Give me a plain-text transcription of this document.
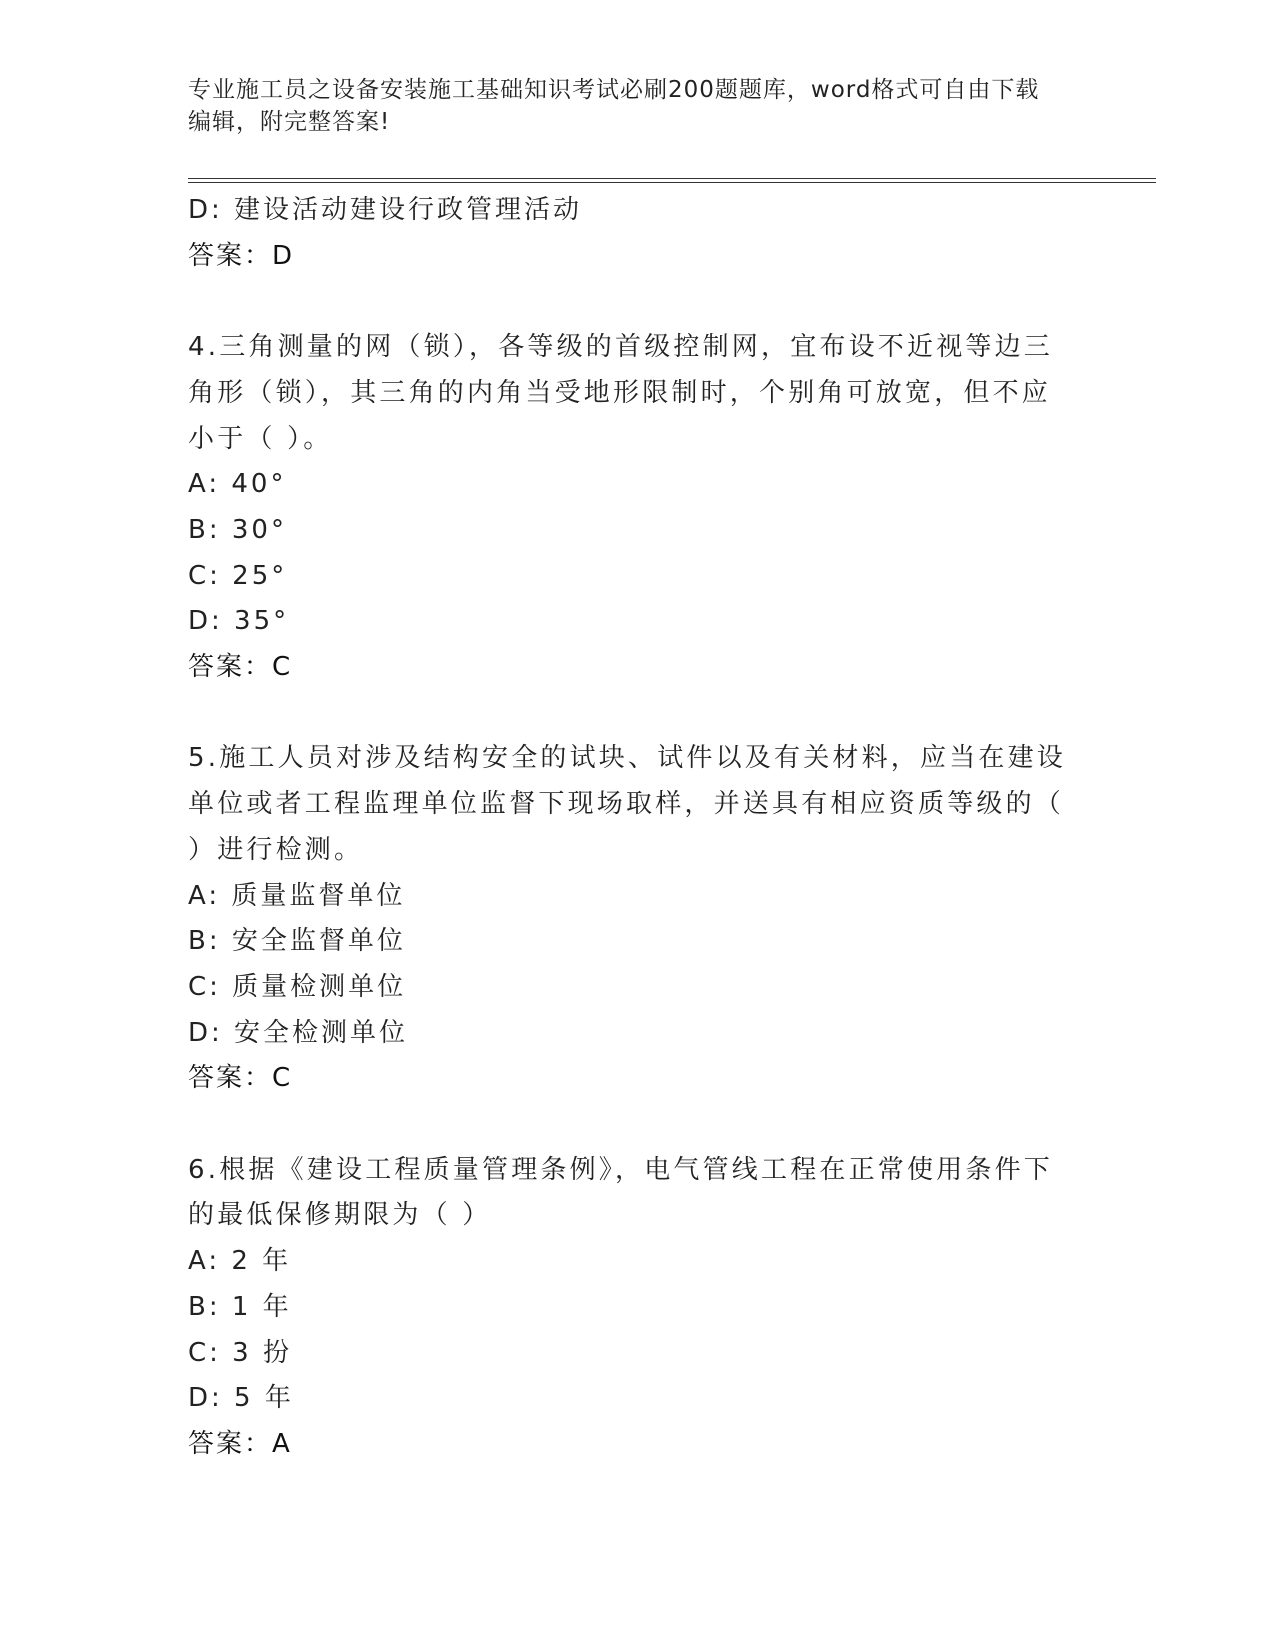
专业施工员之设备安装施工基础知识考试必刷200题题库，word格式可自由下载
编辑，附完整答案!
D: 建设活动建设行政管理活动
答案：D
4.三角测量的网（锁），各等级的首级控制网，宜布设不近视等边三
角形（锁），其三角的内角当受地形限制时，个别角可放宽，但不应
小于（ ）。
A: 40°
B: 30°
C: 25°
D: 35°
答案：C
5.施工人员对涉及结构安全的试块、试件以及有关材料，应当在建设
单位或者工程监理单位监督下现场取样，并送具有相应资质等级的（
）进行检测。
A: 质量监督单位
B: 安全监督单位
C: 质量检测单位
D: 安全检测单位
答案：C
6.根据《建设工程质量管理条例》，电气管线工程在正常使用条件下
的最低保修期限为（ ）
A: 2 年
B: 1 年
C: 3 扮
D: 5 年
答案：A
